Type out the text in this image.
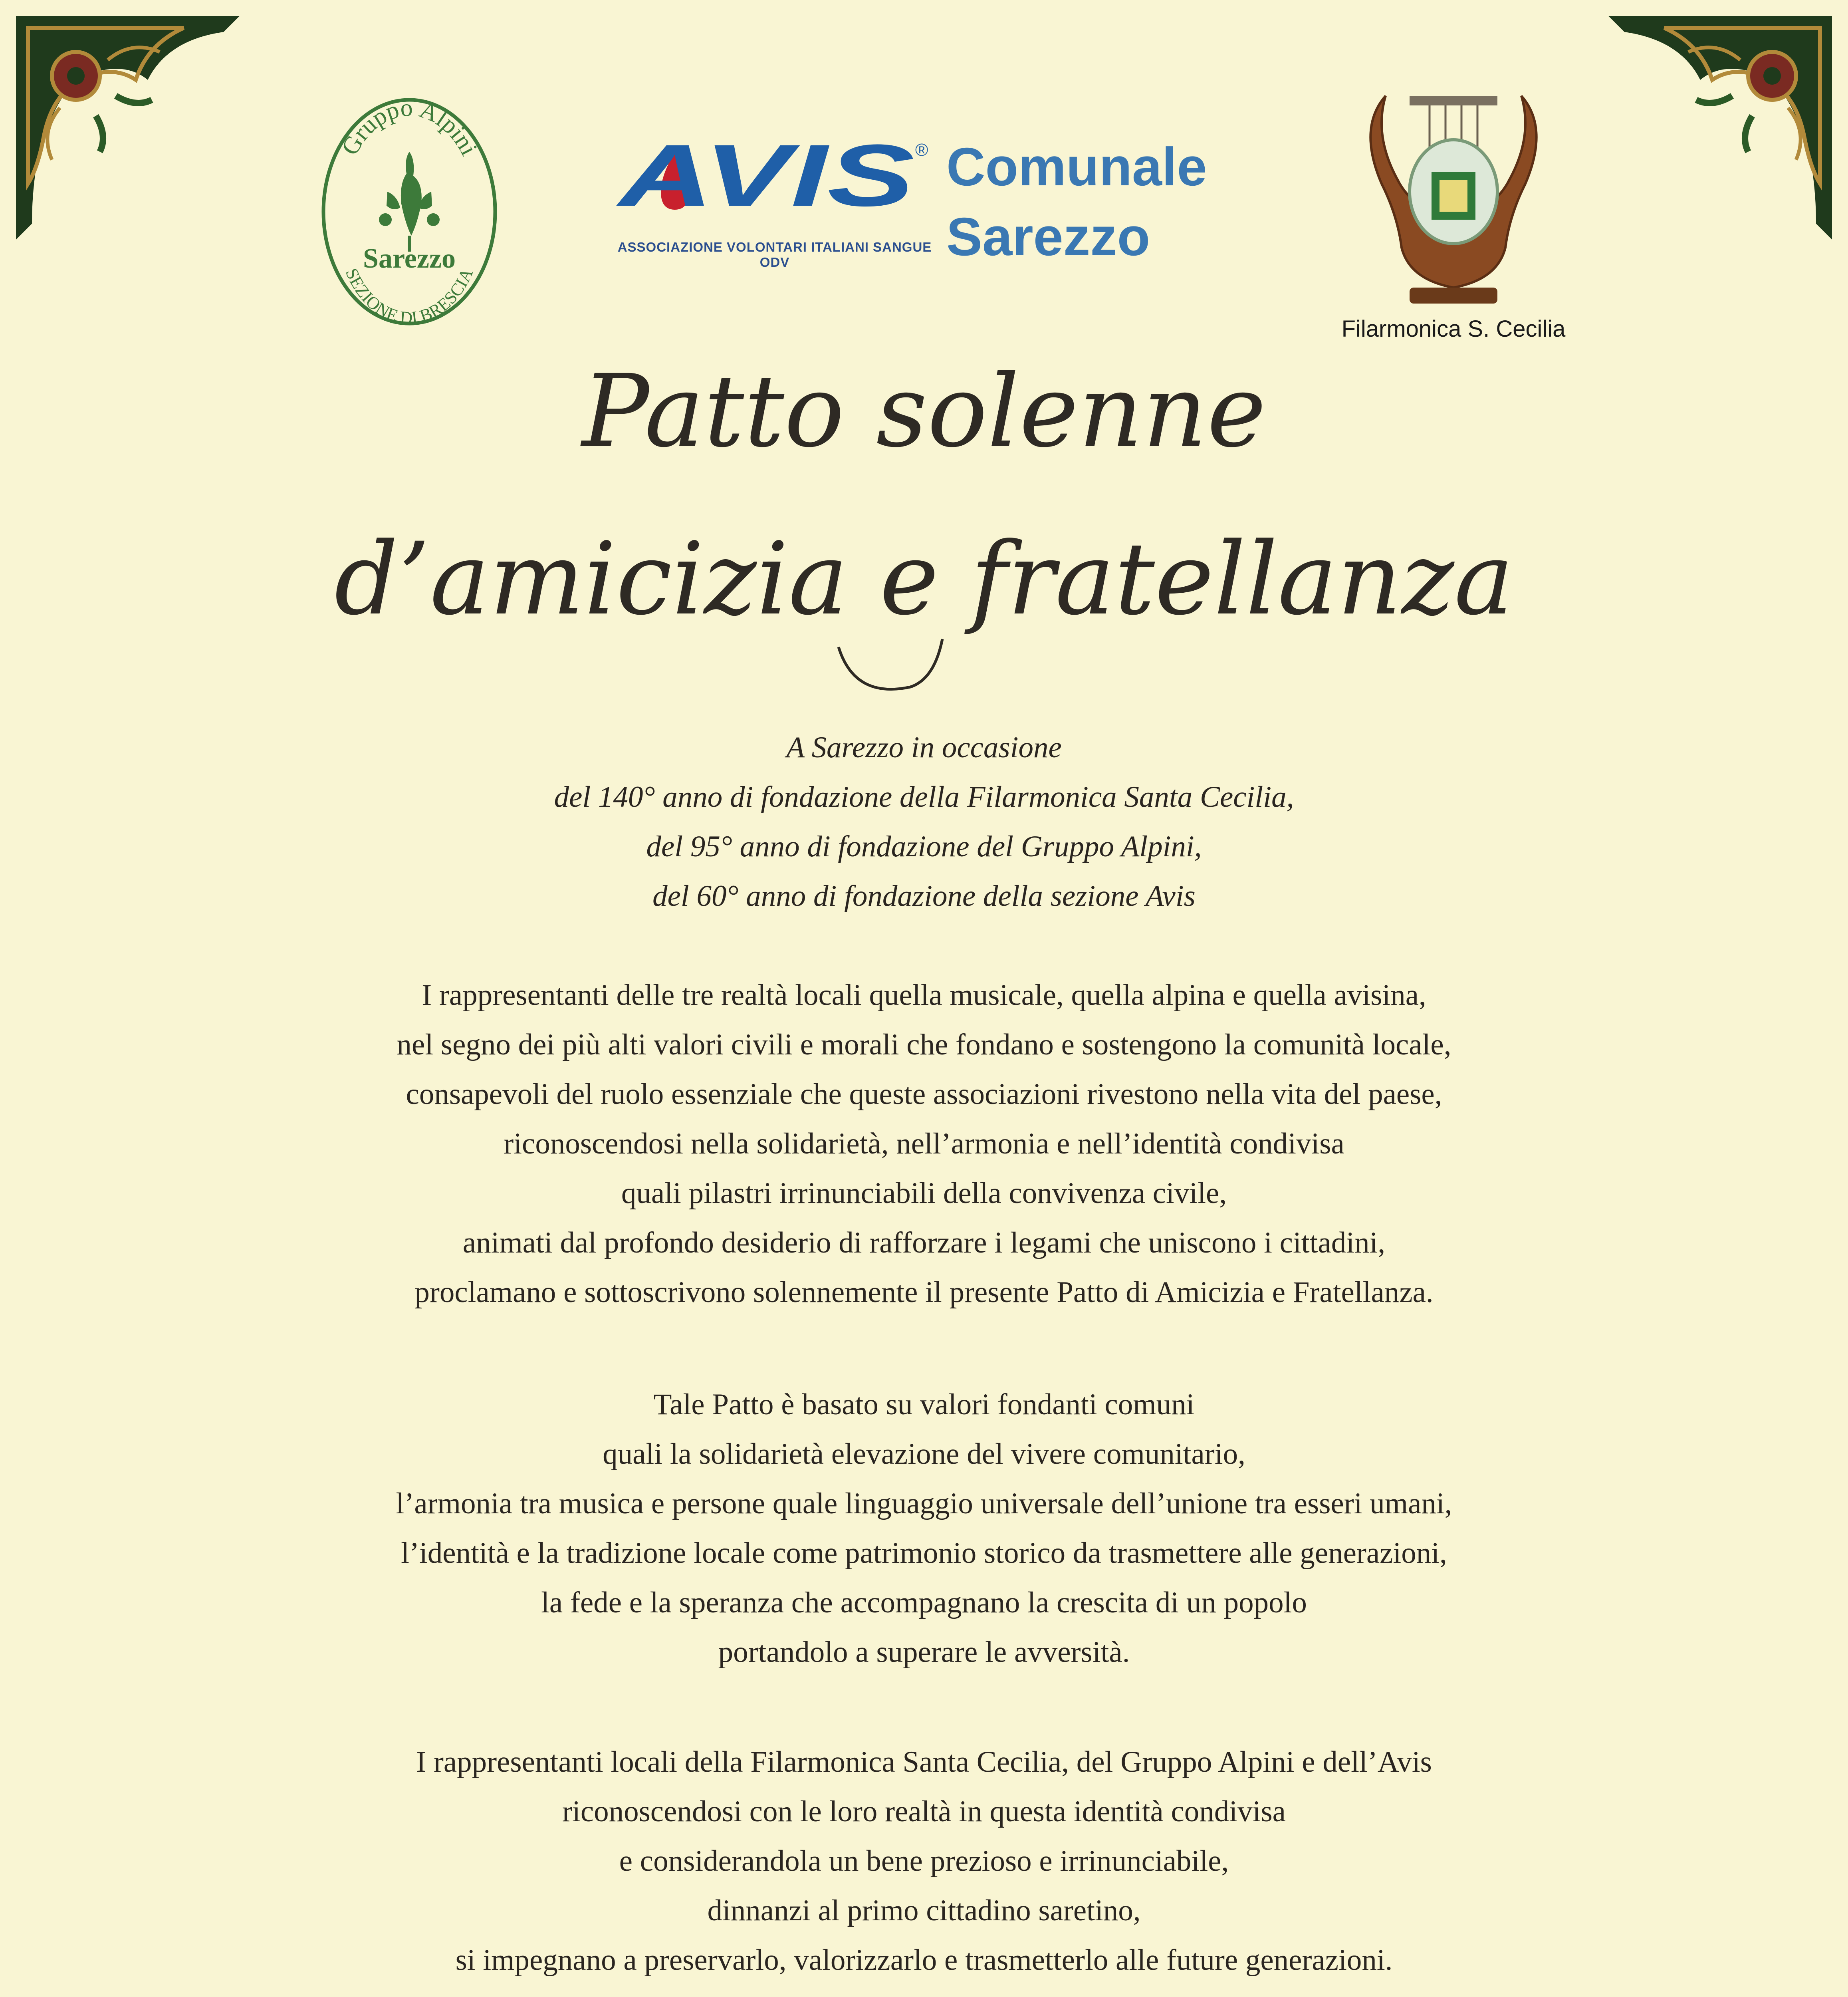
Gruppo Alpini
SEZIONE DI BRESCIA
Sarezzo
AVIS ®
ASSOCIAZIONE VOLONTARI ITALIANI SANGUE ODV
Comunale
Sarezzo
Filarmonica S. Cecilia
Patto solenne
d’amicizia e fratellanza

A Sarezzo in occasione

del 140° anno di fondazione della Filarmonica Santa Cecilia,

del 95° anno di fondazione del Gruppo Alpini,

del 60° anno di fondazione della sezione Avis

I rappresentanti delle tre realtà locali quella musicale, quella alpina e quella avisina,

nel segno dei più alti valori civili e morali che fondano e sostengono la comunità locale,

consapevoli del ruolo essenziale che queste associazioni rivestono nella vita del paese,

riconoscendosi nella solidarietà, nell’armonia e nell’identità condivisa

quali pilastri irrinunciabili della convivenza civile,

animati dal profondo desiderio di rafforzare i legami che uniscono i cittadini,

proclamano e sottoscrivono solennemente il presente Patto di Amicizia e Fratellanza.

Tale Patto è basato su valori fondanti comuni

quali la solidarietà elevazione del vivere comunitario,

l’armonia tra musica e persone quale linguaggio universale dell’unione tra esseri umani,

l’identità e la tradizione locale come patrimonio storico da trasmettere alle generazioni,

la fede e la speranza che accompagnano la crescita di un popolo

portandolo a superare le avversità.

I rappresentanti locali della Filarmonica Santa Cecilia, del Gruppo Alpini e dell’Avis

riconoscendosi con le loro realtà in questa identità condivisa

e considerandola un bene prezioso e irrinunciabile,

dinnanzi al primo cittadino saretino,

si impegnano a preservarlo, valorizzarlo e trasmetterlo alle future generazioni.
